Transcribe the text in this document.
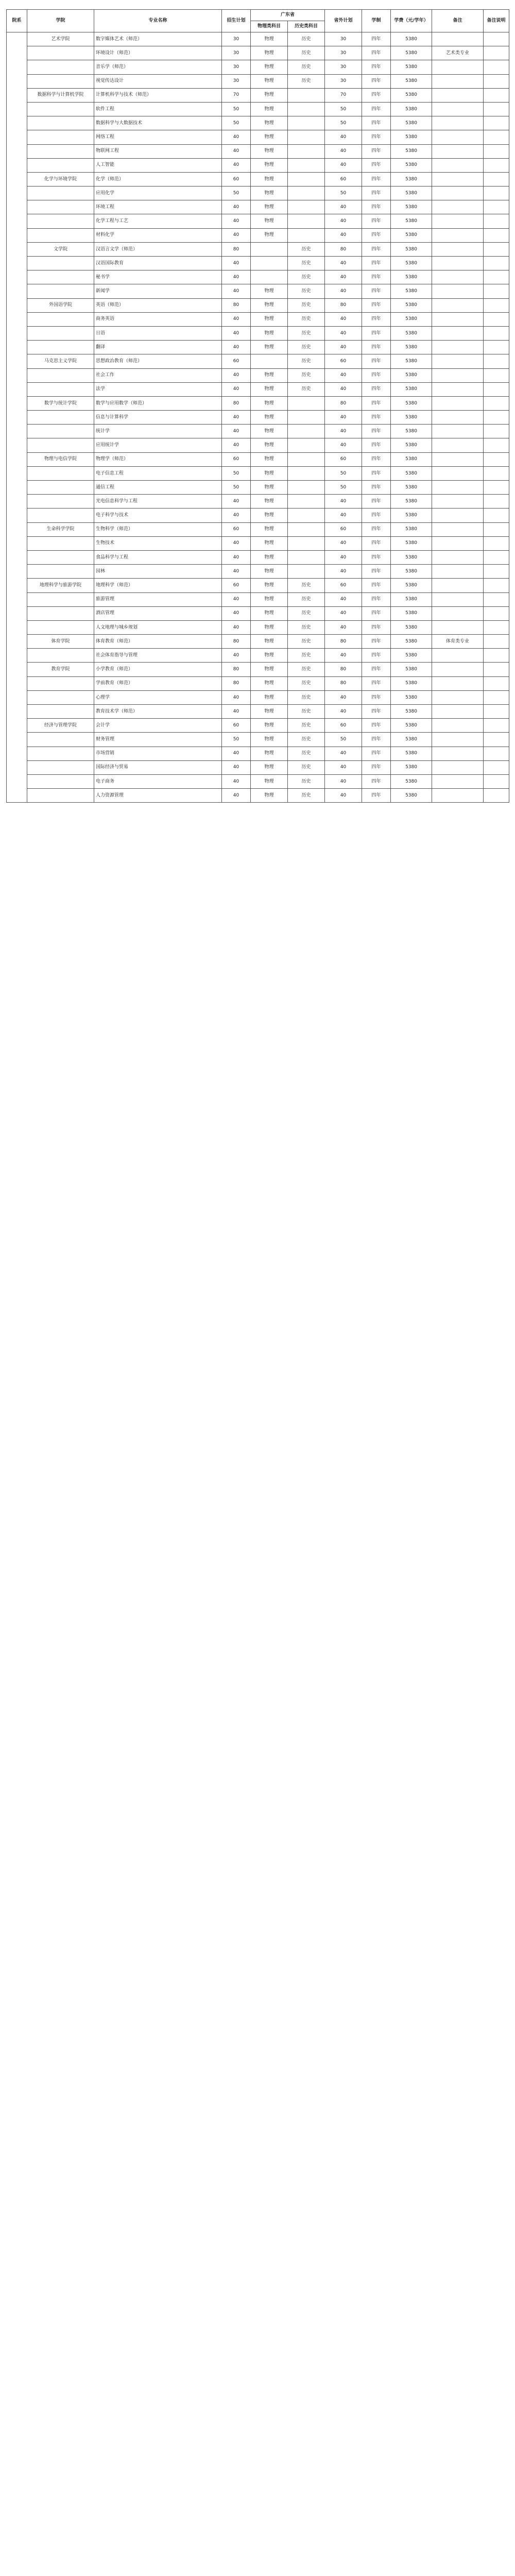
院系	学院	专业名称	招生计划	广东省		省外计划	学制	学费（元/学年）	备注	备注说明
				物理类科目	历史类科目					
	艺术学院	数字媒体艺术（师范）	30	物理	历史	30	四年	5380		
		环境设计（师范）	30	物理	历史	30	四年	5380	艺术类专业	
		音乐学（师范）	30	物理	历史	30	四年	5380		
		视觉传达设计	30	物理	历史	30	四年	5380		
	数据科学与计算机学院	计算机科学与技术（师范）	70	物理		70	四年	5380		
		软件工程	50	物理		50	四年	5380		
		数据科学与大数据技术	50	物理		50	四年	5380		
		网络工程	40	物理		40	四年	5380		
		物联网工程	40	物理		40	四年	5380		
		人工智能	40	物理		40	四年	5380		
	化学与环境学院	化学（师范）	60	物理		60	四年	5380		
		应用化学	50	物理		50	四年	5380		
		环境工程	40	物理		40	四年	5380		
		化学工程与工艺	40	物理		40	四年	5380		
		材料化学	40	物理		40	四年	5380		
	文学院	汉语言文学（师范）	80		历史	80	四年	5380		
		汉语国际教育	40		历史	40	四年	5380		
		秘书学	40		历史	40	四年	5380		
		新闻学	40	物理	历史	40	四年	5380		
	外国语学院	英语（师范）	80	物理	历史	80	四年	5380		
		商务英语	40	物理	历史	40	四年	5380		
		日语	40	物理	历史	40	四年	5380		
		翻译	40	物理	历史	40	四年	5380		
	马克思主义学院	思想政治教育（师范）	60		历史	60	四年	5380		
		社会工作	40	物理	历史	40	四年	5380		
		法学	40	物理	历史	40	四年	5380		
	数学与统计学院	数学与应用数学（师范）	80	物理		80	四年	5380		
		信息与计算科学	40	物理		40	四年	5380		
		统计学	40	物理		40	四年	5380		
		应用统计学	40	物理		40	四年	5380		
	物理与电信学院	物理学（师范）	60	物理		60	四年	5380		
		电子信息工程	50	物理		50	四年	5380		
		通信工程	50	物理		50	四年	5380		
		光电信息科学与工程	40	物理		40	四年	5380		
		电子科学与技术	40	物理		40	四年	5380		
	生命科学学院	生物科学（师范）	60	物理		60	四年	5380		
		生物技术	40	物理		40	四年	5380		
		食品科学与工程	40	物理		40	四年	5380		
		园林	40	物理		40	四年	5380		
	地理科学与旅游学院	地理科学（师范）	60	物理	历史	60	四年	5380		
		旅游管理	40	物理	历史	40	四年	5380		
		酒店管理	40	物理	历史	40	四年	5380		
		人文地理与城乡规划	40	物理	历史	40	四年	5380		
	体育学院	体育教育（师范）	80	物理	历史	80	四年	5380	体育类专业	
		社会体育指导与管理	40	物理	历史	40	四年	5380		
	教育学院	小学教育（师范）	80	物理	历史	80	四年	5380		
		学前教育（师范）	80	物理	历史	80	四年	5380		
		心理学	40	物理	历史	40	四年	5380		
		教育技术学（师范）	40	物理	历史	40	四年	5380		
	经济与管理学院	会计学	60	物理	历史	60	四年	5380		
		财务管理	50	物理	历史	50	四年	5380		
		市场营销	40	物理	历史	40	四年	5380		
		国际经济与贸易	40	物理	历史	40	四年	5380		
		电子商务	40	物理	历史	40	四年	5380		
		人力资源管理	40	物理	历史	40	四年	5380		
